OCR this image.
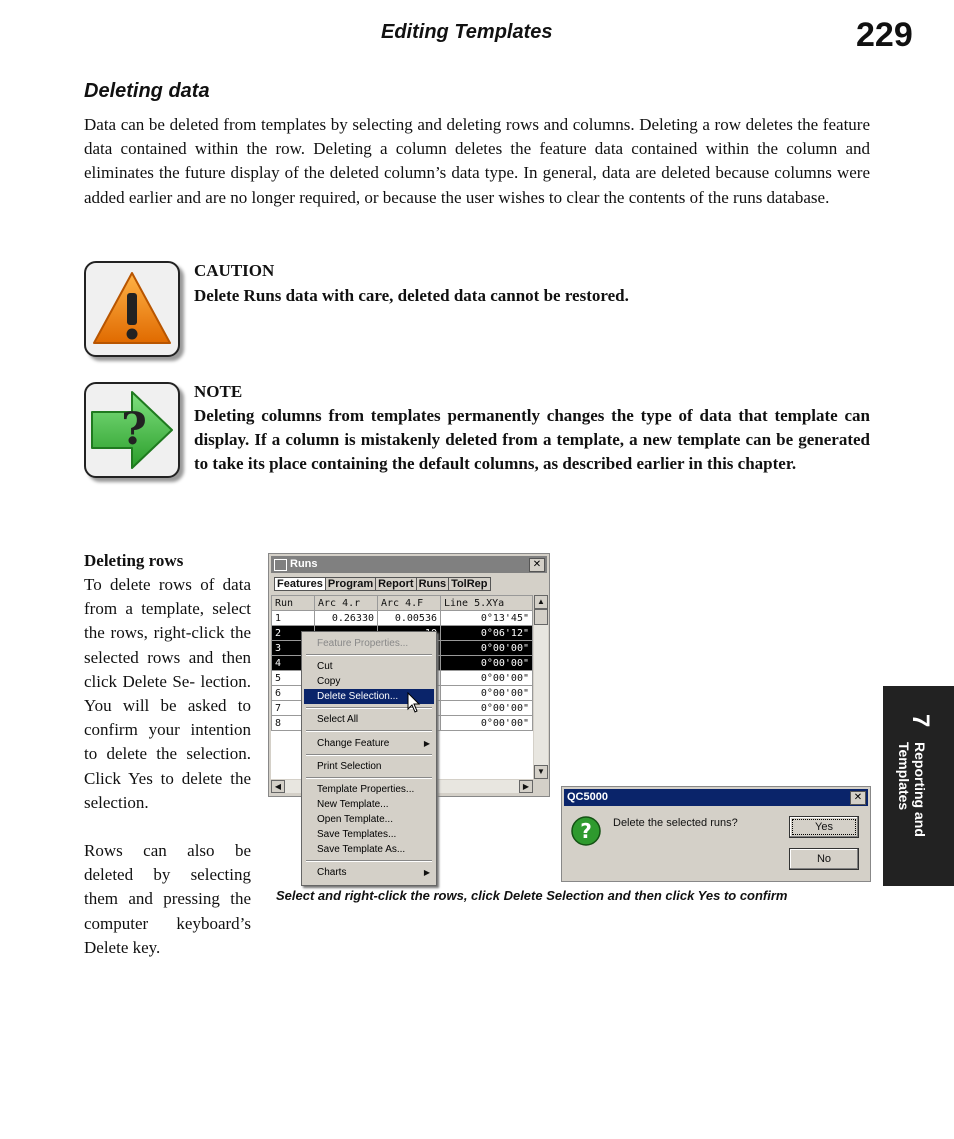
Editing Templates	229
Deleting data
Data can be deleted from templates by selecting and deleting rows and columns. Deleting a row deletes the feature data contained within the row. Deleting a column deletes the feature data contained within the column and eliminates the future display of the deleted column’s data type. In general, data are deleted because columns were added earlier and are no longer required, or because the user wishes to clear the contents of the runs database.
CAUTION
Delete Runs data with care, deleted data cannot be restored.
?
NOTE
Deleting columns from templates permanently changes the type of data that template can display. If a column is mistakenly deleted from a template, a new template can be generated to take its place containing the default columns, as described earlier in this chapter.
Deleting rows
To delete rows of data from a template, select the rows, right-click the selected rows and then click Delete Se- lection. You will be asked to confirm your intention to delete the selection. Click Yes to delete the selection.
Rows can also be deleted by selecting them and pressing the computer keyboard’s Delete key.
Runs	✕
Features Program Report Runs TolRep
Run	Arc 4.r	Arc 4.F	Line 5.XYa
1	0.26330	0.00536	0°13'45"
2			0°06'12"
3			0°00'00"
4			0°00'00"
5			0°00'00"
6			0°00'00"
7			0°00'00"
8			0°00'00"
▲
▼
◀	▶
Feature Properties...
Cut
Copy
Delete Selection...
Select All
Change Feature	▶
Print Selection
Template Properties...
New Template...
Open Template...
Save Templates...
Save Template As...
Charts	▶
QC5000	✕
? Delete the selected runs?	Yes
No
Select and right-click the rows, click Delete Selection and then click Yes to confirm
7
Reporting and
Templates
